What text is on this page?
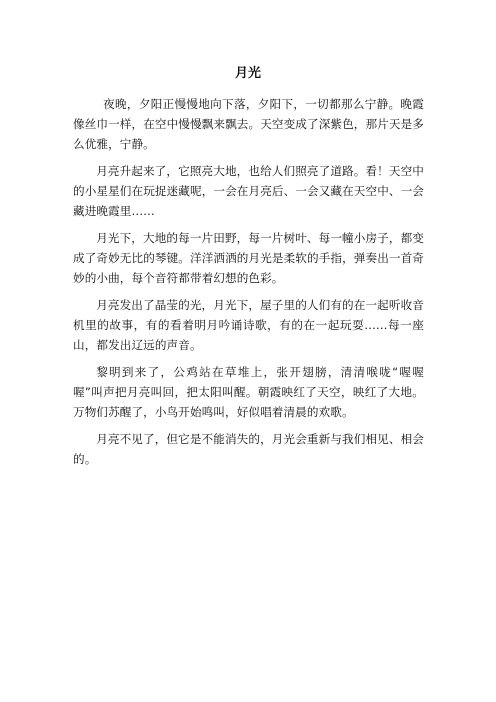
月光

夜晚，夕阳正慢慢地向下落，夕阳下，一切都那么宁静。晚霞像丝巾一样，在空中慢慢飘来飘去。天空变成了深紫色，那片天是多么优雅，宁静。

月亮升起来了，它照亮大地，也给人们照亮了道路。看！天空中的小星星们在玩捉迷藏呢，一会在月亮后、一会又藏在天空中、一会藏进晚霞里……

月光下，大地的每一片田野，每一片树叶、每一幢小房子，都变成了奇妙无比的琴键。洋洋洒洒的月光是柔软的手指，弹奏出一首奇妙的小曲，每个音符都带着幻想的色彩。

月亮发出了晶莹的光，月光下，屋子里的人们有的在一起听收音机里的故事，有的看着明月吟诵诗歌，有的在一起玩耍……每一座山，都发出辽远的声音。

黎明到来了，公鸡站在草堆上，张开翅膀，清清喉咙“喔喔喔”叫声把月亮叫回，把太阳叫醒。朝霞映红了天空，映红了大地。万物们苏醒了，小鸟开始鸣叫，好似唱着清晨的欢歌。

月亮不见了，但它是不能消失的，月光会重新与我们相见、相会的。
